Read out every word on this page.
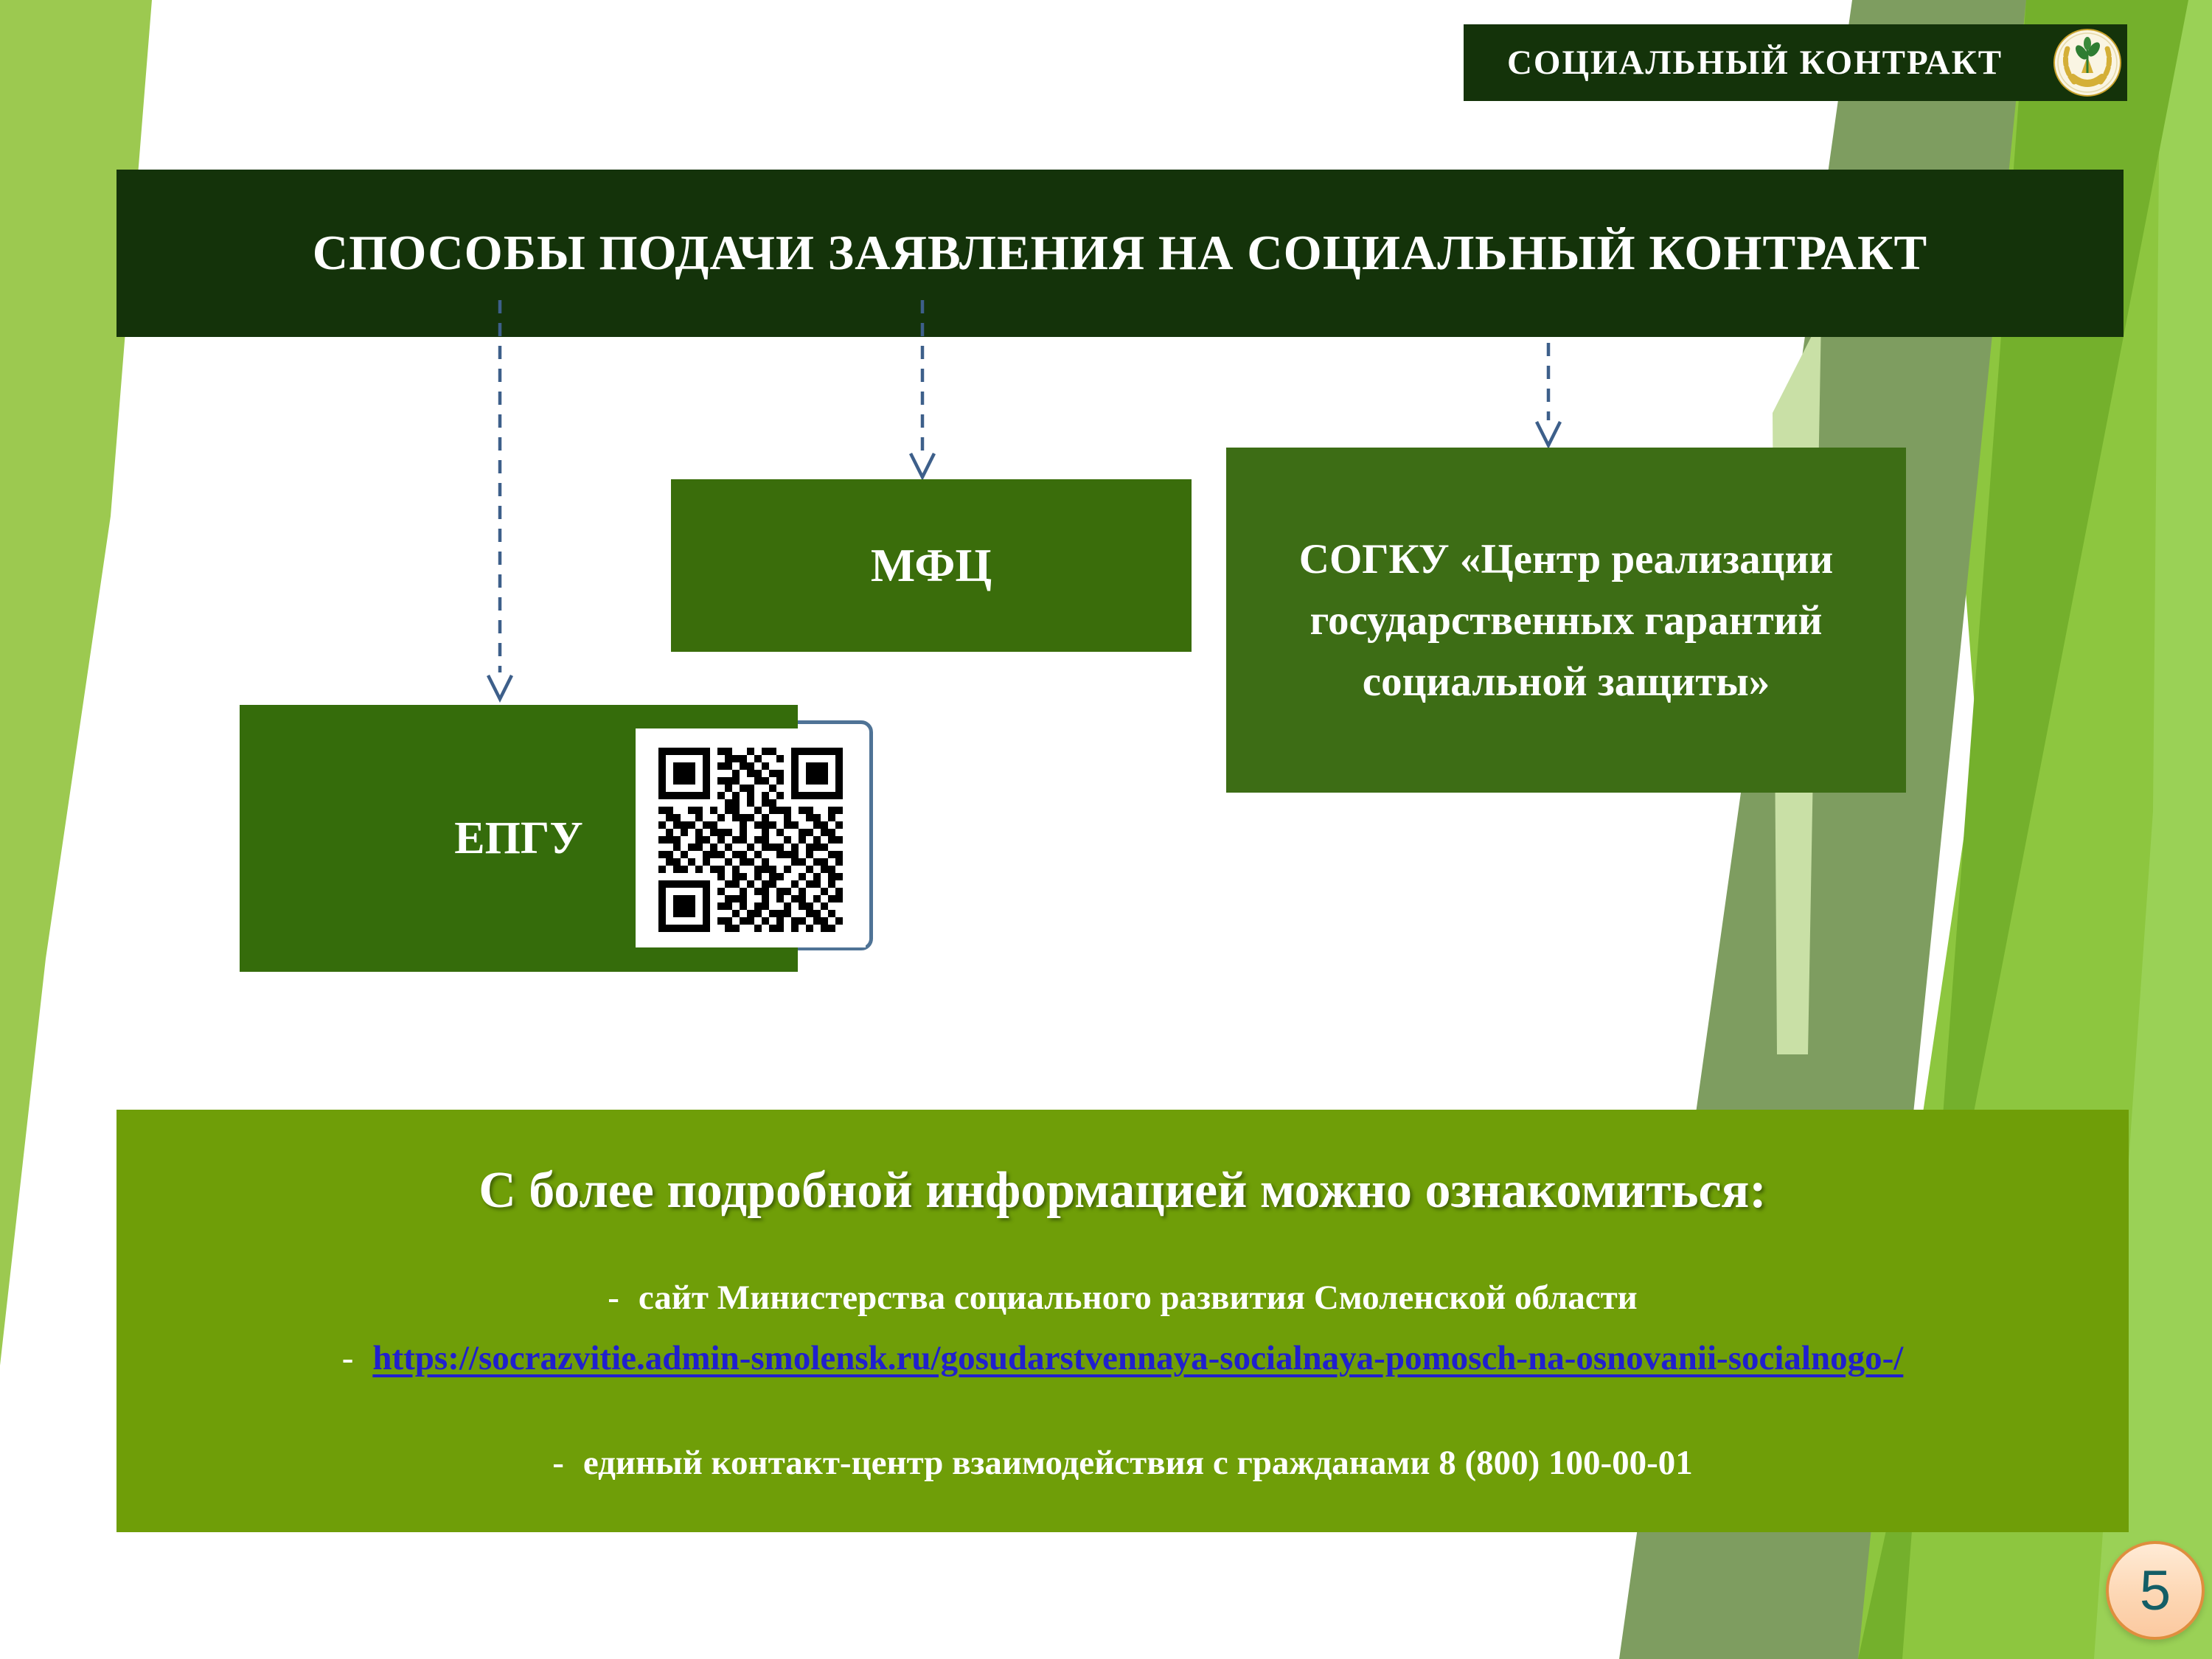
СОЦИАЛЬНЫЙ КОНТРАКТ
СПОСОБЫ ПОДАЧИ ЗАЯВЛЕНИЯ НА СОЦИАЛЬНЫЙ КОНТРАКТ
МФЦ	СОГКУ «Центр реализации
государственных гарантий
социальной защиты»
ЕПГУ
С более подробной информацией можно ознакомиться:
- сайт Министерства социального развития Смоленской области
- https://socrazvitie.admin-smolensk.ru/gosudarstvennaya-socialnaya-pomosch-na-osnovanii-socialnogo-/
- единый контакт-центр взаимодействия с гражданами 8 (800) 100-00-01
5
